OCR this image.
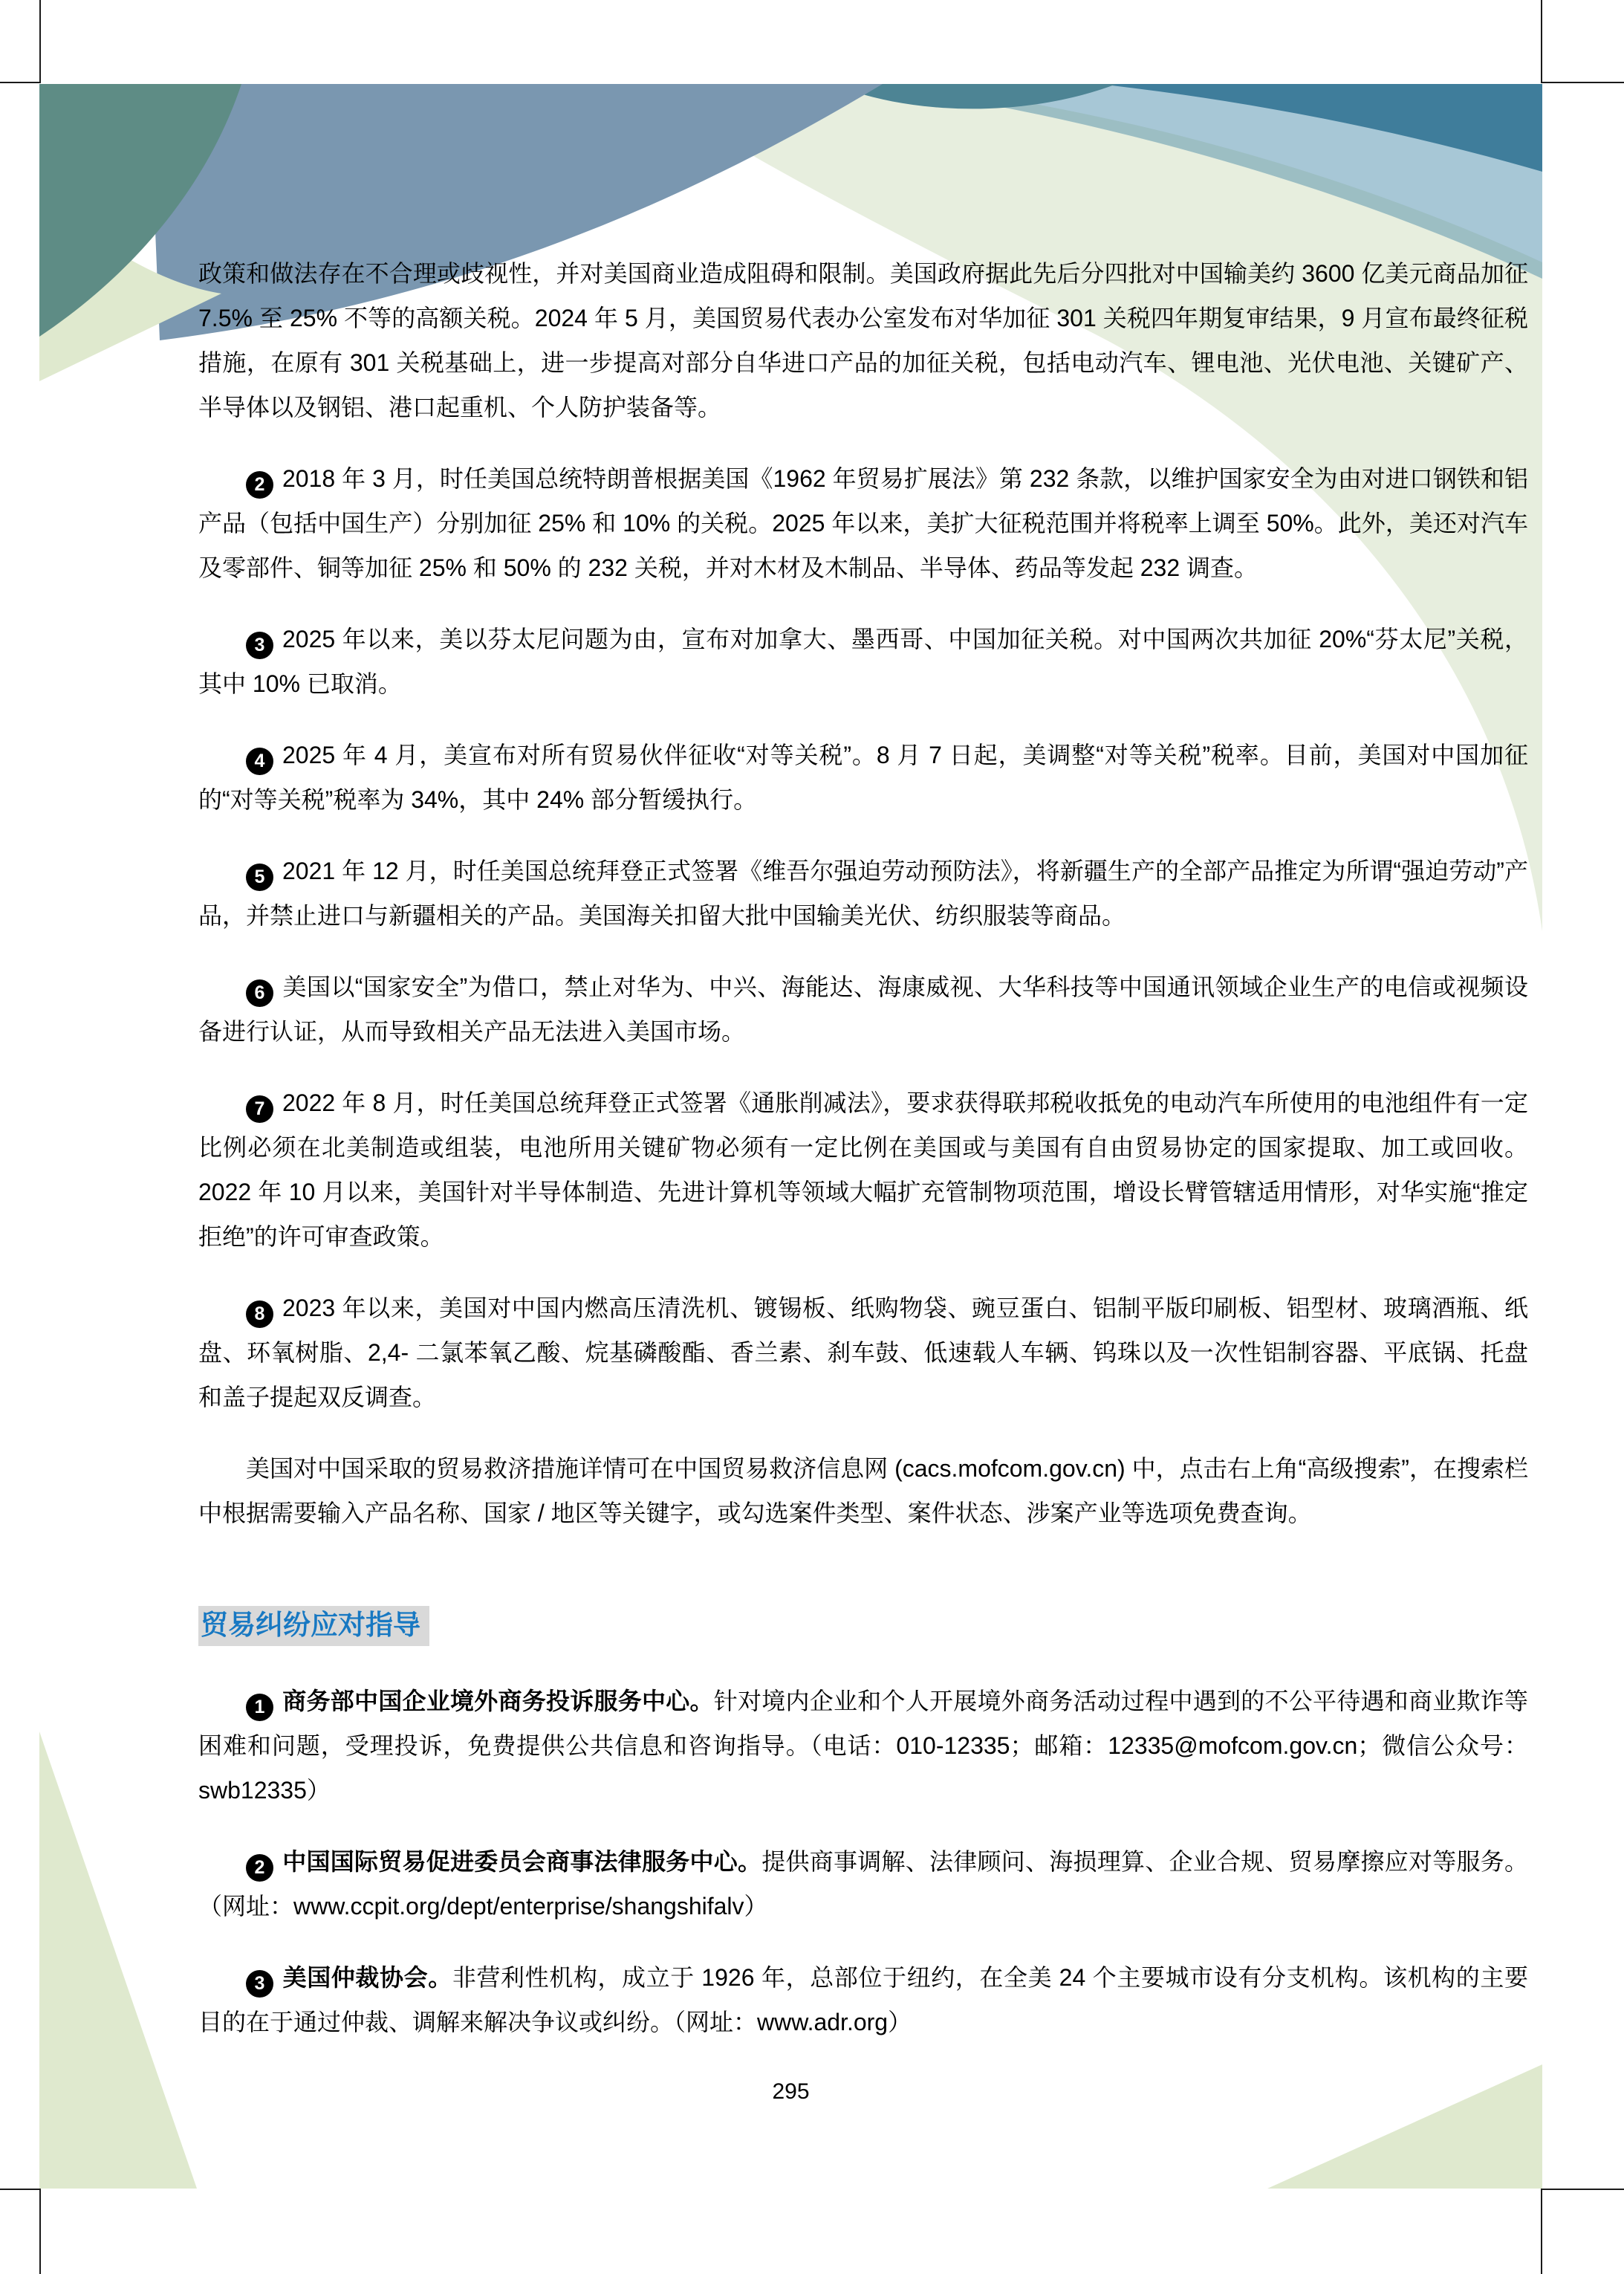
政策和做法存在不合理或歧视性，并对美国商业造成阻碍和限制。美国政府据此先后分四批对中国输美约 3600 亿美元商品加征 7.5% 至 25% 不等的高额关税。2024 年 5 月，美国贸易代表办公室发布对华加征 301 关税四年期复审结果，9 月宣布最终征税措施，在原有 301 关税基础上，进一步提高对部分自华进口产品的加征关税，包括电动汽车、锂电池、光伏电池、关键矿产、半导体以及钢铝、港口起重机、个人防护装备等。

2 2018 年 3 月，时任美国总统特朗普根据美国《1962 年贸易扩展法》第 232 条款，以维护国家安全为由对进口钢铁和铝产品（包括中国生产）分别加征 25% 和 10% 的关税。2025 年以来，美扩大征税范围并将税率上调至 50%。此外，美还对汽车及零部件、铜等加征 25% 和 50% 的 232 关税，并对木材及木制品、半导体、药品等发起 232 调查。

3 2025 年以来，美以芬太尼问题为由，宣布对加拿大、墨西哥、中国加征关税。对中国两次共加征 20%“芬太尼”关税，其中 10% 已取消。

4 2025 年 4 月，美宣布对所有贸易伙伴征收“对等关税”。8 月 7 日起，美调整“对等关税”税率。目前，美国对中国加征的“对等关税”税率为 34%，其中 24% 部分暂缓执行。

5 2021 年 12 月，时任美国总统拜登正式签署《维吾尔强迫劳动预防法》，将新疆生产的全部产品推定为所谓“强迫劳动”产品，并禁止进口与新疆相关的产品。美国海关扣留大批中国输美光伏、纺织服装等商品。

6 美国以“国家安全”为借口，禁止对华为、中兴、海能达、海康威视、大华科技等中国通讯领域企业生产的电信或视频设备进行认证，从而导致相关产品无法进入美国市场。

7 2022 年 8 月，时任美国总统拜登正式签署《通胀削减法》，要求获得联邦税收抵免的电动汽车所使用的电池组件有一定比例必须在北美制造或组装，电池所用关键矿物必须有一定比例在美国或与美国有自由贸易协定的国家提取、加工或回收。2022 年 10 月以来，美国针对半导体制造、先进计算机等领域大幅扩充管制物项范围，增设长臂管辖适用情形，对华实施“推定拒绝”的许可审查政策。

8 2023 年以来，美国对中国内燃高压清洗机、镀锡板、纸购物袋、豌豆蛋白、铝制平版印刷板、铝型材、玻璃酒瓶、纸盘、环氧树脂、2,4- 二氯苯氧乙酸、烷基磷酸酯、香兰素、刹车鼓、低速载人车辆、钨珠以及一次性铝制容器、平底锅、托盘和盖子提起双反调查。

美国对中国采取的贸易救济措施详情可在中国贸易救济信息网 (cacs.mofcom.gov.cn) 中，点击右上角“高级搜索”，在搜索栏中根据需要输入产品名称、国家 / 地区等关键字，或勾选案件类型、案件状态、涉案产业等选项免费查询。

贸易纠纷应对指导

1 商务部中国企业境外商务投诉服务中心。针对境内企业和个人开展境外商务活动过程中遇到的不公平待遇和商业欺诈等困难和问题，受理投诉，免费提供公共信息和咨询指导。（电话：010-12335；邮箱：12335@mofcom.gov.cn；微信公众号：swb12335）

2 中国国际贸易促进委员会商事法律服务中心。提供商事调解、法律顾问、海损理算、企业合规、贸易摩擦应对等服务。（网址：www.ccpit.org/dept/enterprise/shangshifalv）

3 美国仲裁协会。非营利性机构，成立于 1926 年，总部位于纽约，在全美 24 个主要城市设有分支机构。该机构的主要目的在于通过仲裁、调解来解决争议或纠纷。（网址：www.adr.org）

295
